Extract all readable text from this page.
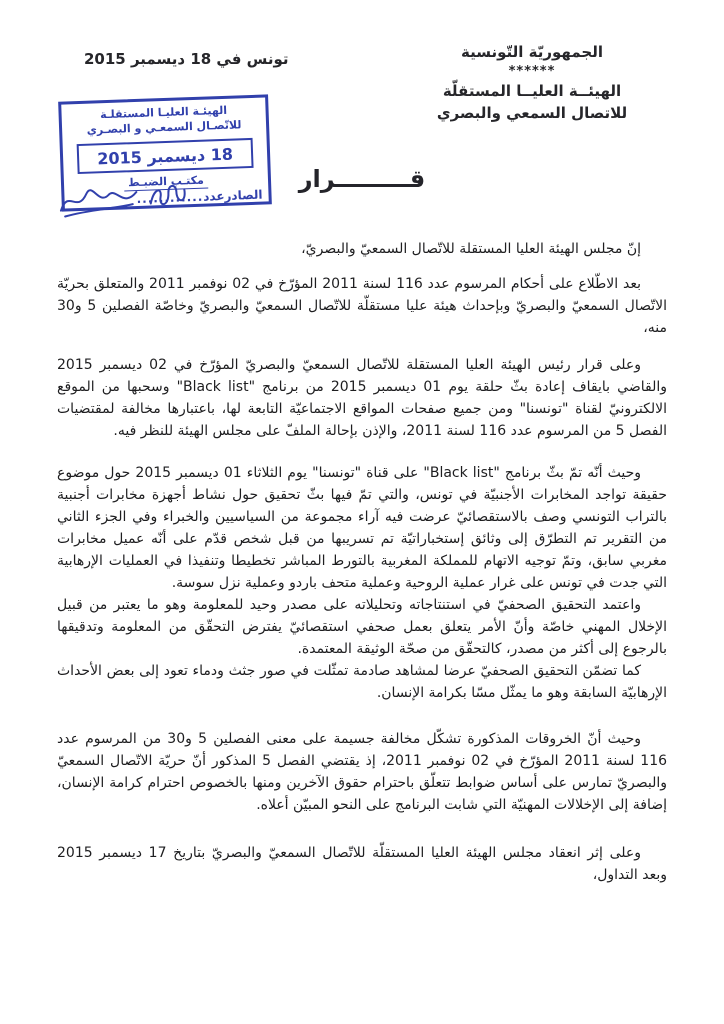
الجمهوريّة التّونسية
******
الهيئــة العليــا المستقلّة
للاتصال السمعي والبصري
تونس في 18 ديسمبر 2015
الهيئـة العليـا المستقلـة
للاتّصـال السمعـي و البصـري
18 ديسمبر 2015
مكتـب الضبـط
الصادرعدد
............
قـــــــــرار

إنّ مجلس الهيئة العليا المستقلة للاتّصال السمعيّ والبصريّ،

بعد الاطّلاع على أحكام المرسوم عدد 116 لسنة 2011 المؤرّخ في 02 نوفمبر 2011 والمتعلق بحريّة الاتّصال السمعيّ والبصريّ وبإحداث هيئة عليا مستقلّة للاتّصال السمعيّ والبصريّ وخاصّة الفصلين 5 و30 منه،

وعلى قرار رئيس الهيئة العليا المستقلة للاتّصال السمعيّ والبصريّ المؤرّخ في 02 ديسمبر 2015 والقاضي بايقاف إعادة بثّ حلقة يوم 01 ديسمبر 2015 من برنامج "Black list" وسحبها من الموقع الالكترونيّ لقناة "تونسنا" ومن جميع صفحات المواقع الاجتماعيّة التابعة لها، باعتبارها مخالفة لمقتضيات الفصل 5 من المرسوم عدد 116 لسنة 2011، والإذن بإحالة الملفّ على مجلس الهيئة للنظر فيه.

وحيث أنّه تمّ بثّ برنامج "Black list" على قناة "تونسنا" يوم الثلاثاء 01 ديسمبر 2015 حول موضوع حقيقة تواجد المخابرات الأجنبيّة في تونس، والتي تمّ فيها بثّ تحقيق حول نشاط أجهزة مخابرات أجنبية بالتراب التونسي وصف بالاستقصائيّ عرضت فيه آراء مجموعة من السياسيين والخبراء وفي الجزء الثاني من التقرير تم التطرّق إلى وثائق إستخباراتيّة تم تسريبها من قبل شخص قدّم على أنّه عميل مخابرات مغربي سابق، وتمّ توجيه الاتهام للمملكة المغربية بالتورط المباشر تخطيطا وتنفيذا في العمليات الإرهابية التي جدت في تونس على غرار عملية الروحية وعملية متحف باردو وعملية نزل سوسة.

واعتمد التحقيق الصحفيّ في استنتاجاته وتحليلاته على مصدر وحيد للمعلومة وهو ما يعتبر من قبيل الإخلال المهني خاصّة وأنّ الأمر يتعلق بعمل صحفي استقصائيّ يفترض التحقّق من المعلومة وتدقيقها بالرجوع إلى أكثر من مصدر، كالتحقّق من صحّة الوثيقة المعتمدة.

كما تضمّن التحقيق الصحفيّ عرضا لمشاهد صادمة تمثّلت في صور جثث ودماء تعود إلى بعض الأحداث الإرهابيّة السابقة وهو ما يمثّل مسّا بكرامة الإنسان.

وحيث أنّ الخروقات المذكورة تشكّل مخالفة جسيمة على معنى الفصلين 5 و30 من المرسوم عدد 116 لسنة 2011 المؤرّخ في 02 نوفمبر 2011، إذ يقتضي الفصل 5 المذكور أنّ حريّة الاتّصال السمعيّ والبصريّ تمارس على أساس ضوابط تتعلّق باحترام حقوق الآخرين ومنها بالخصوص احترام كرامة الإنسان، إضافة إلى الإخلالات المهنيّة التي شابت البرنامج على النحو المبيّن أعلاه.

وعلى إثر انعقاد مجلس الهيئة العليا المستقلّة للاتّصال السمعيّ والبصريّ بتاريخ 17 ديسمبر 2015 وبعد التداول،
